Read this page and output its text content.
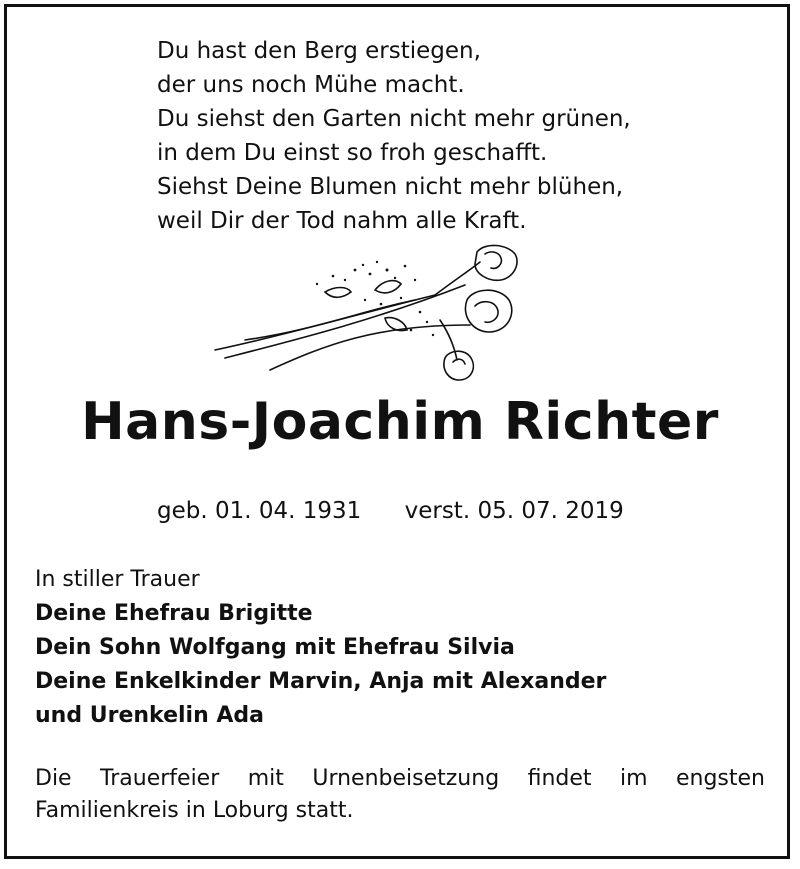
Du hast den Berg erstiegen,
der uns noch Mühe macht.
Du siehst den Garten nicht mehr grünen,
in dem Du einst so froh geschafft.
Siehst Deine Blumen nicht mehr blühen,
weil Dir der Tod nahm alle Kraft.
Hans-Joachim Richter
geb. 01. 04. 1931 verst. 05. 07. 2019
In stiller Trauer
Deine Ehefrau Brigitte
Dein Sohn Wolfgang mit Ehefrau Silvia
Deine Enkelkinder Marvin, Anja mit Alexander
und Urenkelin Ada
Die Trauerfeier mit Urnenbeisetzung findet im engsten
Familienkreis in Loburg statt.
